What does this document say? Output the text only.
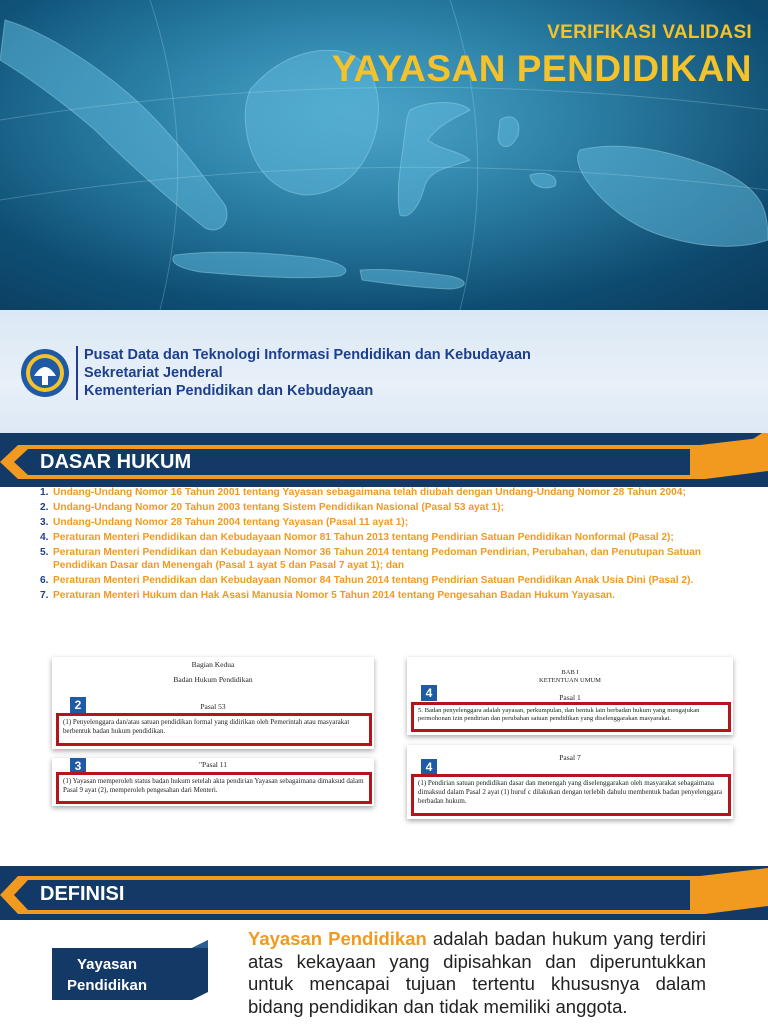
VERIFIKASI VALIDASI
YAYASAN PENDIDIKAN
Pusat Data dan Teknologi Informasi Pendidikan dan Kebudayaan
Sekretariat Jenderal
Kementerian Pendidikan dan Kebudayaan
DASAR HUKUM
1. Undang-Undang Nomor 16 Tahun 2001 tentang Yayasan sebagaimana telah diubah dengan Undang-Undang Nomor 28 Tahun 2004;
2. Undang-Undang Nomor 20 Tahun 2003 tentang Sistem Pendidikan Nasional (Pasal 53 ayat 1);
3. Undang-Undang Nomor 28 Tahun 2004 tentang Yayasan (Pasal 11 ayat 1);
4. Peraturan Menteri Pendidikan dan Kebudayaan Nomor 81 Tahun 2013 tentang Pendirian Satuan Pendidikan Nonformal (Pasal 2);
5. Peraturan Menteri Pendidikan dan Kebudayaan Nomor 36 Tahun 2014 tentang Pedoman Pendirian, Perubahan, dan Penutupan Satuan Pendidikan Dasar dan Menengah (Pasal 1 ayat 5 dan Pasal 7 ayat 1); dan
6. Peraturan Menteri Pendidikan dan Kebudayaan Nomor 84 Tahun 2014 tentang Pendirian Satuan Pendidikan Anak Usia Dini (Pasal 2).
7. Peraturan Menteri Hukum dan Hak Asasi Manusia Nomor 5 Tahun 2014 tentang Pengesahan Badan Hukum Yayasan.
Bagian Kedua
Badan Hukum Pendidikan
Pasal 53
2
(1) Penyelenggara dan/atau satuan pendidikan formal yang didirikan oleh Pemerintah atau masyarakat berbentuk badan hukum pendidikan.
"Pasal 11
3
(1) Yayasan memperoleh status badan hukum setelah akta pendirian Yayasan sebagaimana dimaksud dalam Pasal 9 ayat (2), memperoleh pengesahan dari Menteri.
BAB I
KETENTUAN UMUM
Pasal 1
4
5. Badan penyelenggara adalah yayasan, perkumpulan, dan bentuk lain berbadan hukum yang mengajukan permohonan izin pendirian dan perubahan satuan pendidikan yang diselenggarakan masyarakat.
Pasal 7
4
(1) Pendirian satuan pendidikan dasar dan menengah yang diselenggarakan oleh masyarakat sebagaimana dimaksud dalam Pasal 2 ayat (1) huruf c dilakukan dengan terlebih dahulu membentuk badan penyelenggara berbadan hukum.
DEFINISI
Yayasan
Pendidikan
Yayasan Pendidikan adalah badan hukum yang terdiri atas kekayaan yang dipisahkan dan diperuntukkan untuk mencapai tujuan tertentu khususnya dalam bidang pendidikan dan tidak memiliki anggota.
